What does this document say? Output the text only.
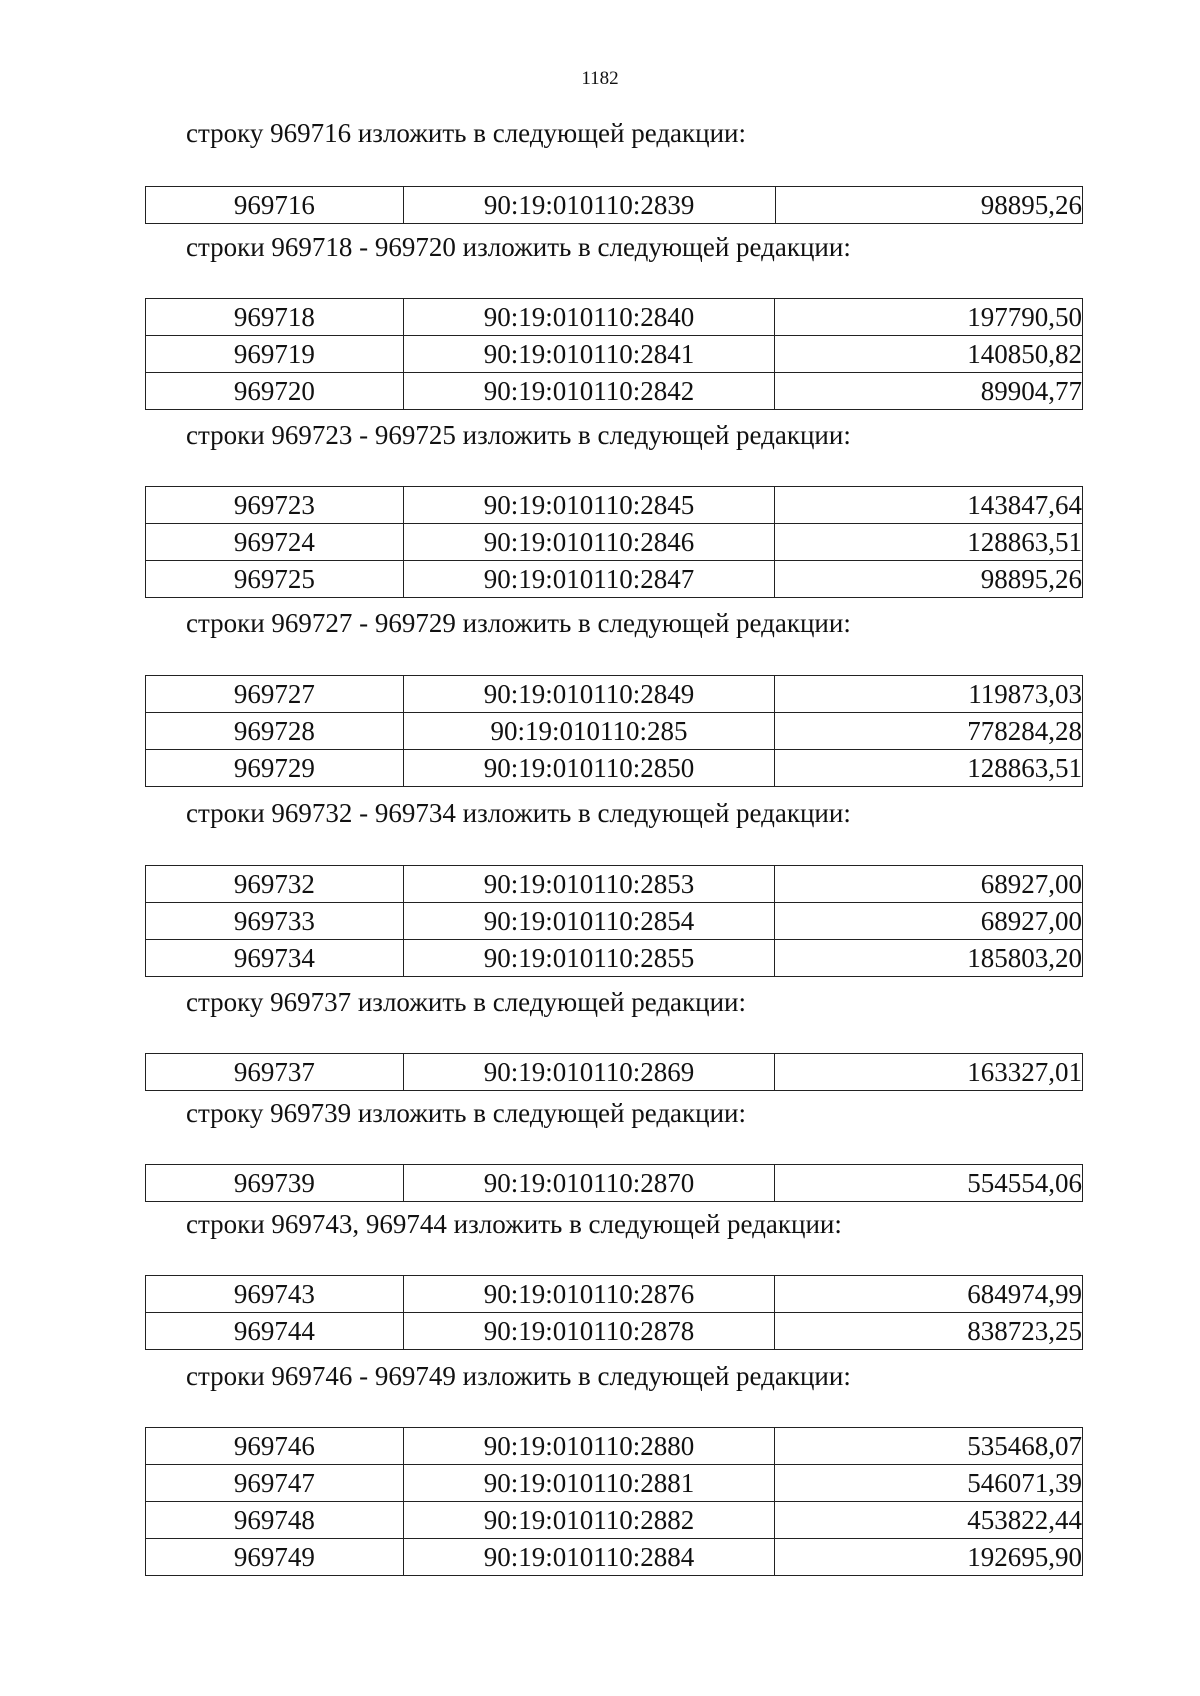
1182
строку 969716 изложить в следующей редакции:
969716	90:19:010110:2839	98895,26
строки 969718 - 969720 изложить в следующей редакции:
969718	90:19:010110:2840	197790,50
969719	90:19:010110:2841	140850,82
969720	90:19:010110:2842	89904,77
строки 969723 - 969725 изложить в следующей редакции:
969723	90:19:010110:2845	143847,64
969724	90:19:010110:2846	128863,51
969725	90:19:010110:2847	98895,26
строки 969727 - 969729 изложить в следующей редакции:
969727	90:19:010110:2849	119873,03
969728	90:19:010110:285	778284,28
969729	90:19:010110:2850	128863,51
строки 969732 - 969734 изложить в следующей редакции:
969732	90:19:010110:2853	68927,00
969733	90:19:010110:2854	68927,00
969734	90:19:010110:2855	185803,20
строку 969737 изложить в следующей редакции:
969737	90:19:010110:2869	163327,01
строку 969739 изложить в следующей редакции:
969739	90:19:010110:2870	554554,06
строки 969743, 969744 изложить в следующей редакции:
969743	90:19:010110:2876	684974,99
969744	90:19:010110:2878	838723,25
строки 969746 - 969749 изложить в следующей редакции:
969746	90:19:010110:2880	535468,07
969747	90:19:010110:2881	546071,39
969748	90:19:010110:2882	453822,44
969749	90:19:010110:2884	192695,90
